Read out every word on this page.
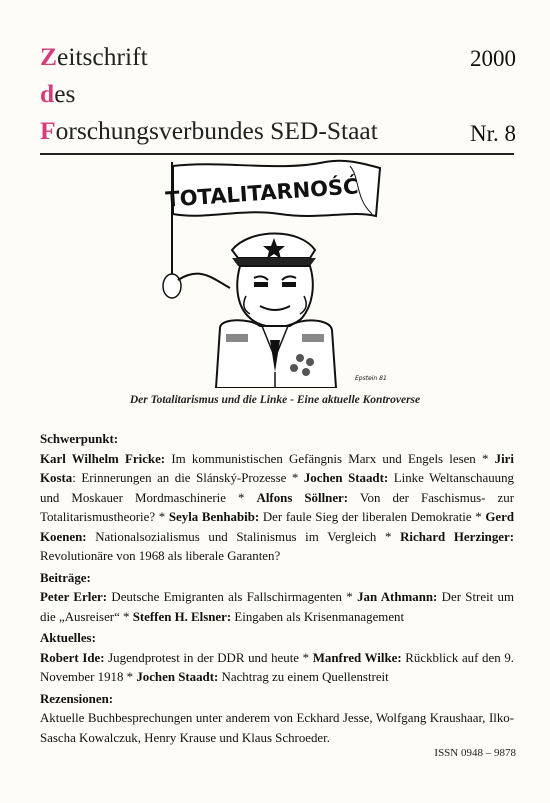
Zeitschrift
des
Forschungsverbundes SED-Staat
2000
Nr. 8
TOTALITARNOŚĆ
Epstein 81
Der Totalitarismus und die Linke - Eine aktuelle Kontroverse
Schwerpunkt:
Karl Wilhelm Fricke: Im kommunistischen Gefängnis Marx und Engels lesen * Jiri Kosta: Erinnerungen an die Slánský-Prozesse * Jochen Staadt: Linke Weltanschauung und Moskauer Mordmaschinerie * Alfons Söllner: Von der Faschismus- zur Totalitarismustheorie? * Seyla Benhabib: Der faule Sieg der liberalen Demokratie * Gerd Koenen: Nationalsozialismus und Stalinismus im Vergleich * Richard Herzinger: Revolutionäre von 1968 als liberale Garanten?
Beiträge:
Peter Erler: Deutsche Emigranten als Fallschirmagenten * Jan Athmann: Der Streit um die „Ausreiser“ * Steffen H. Elsner: Eingaben als Krisenmanagement
Aktuelles:
Robert Ide: Jugendprotest in der DDR und heute * Manfred Wilke: Rückblick auf den 9. November 1918 * Jochen Staadt: Nachtrag zu einem Quellenstreit
Rezensionen:
Aktuelle Buchbesprechungen unter anderem von Eckhard Jesse, Wolfgang Kraushaar, Ilko-Sascha Kowalczuk, Henry Krause und Klaus Schroeder.
ISSN 0948 – 9878
